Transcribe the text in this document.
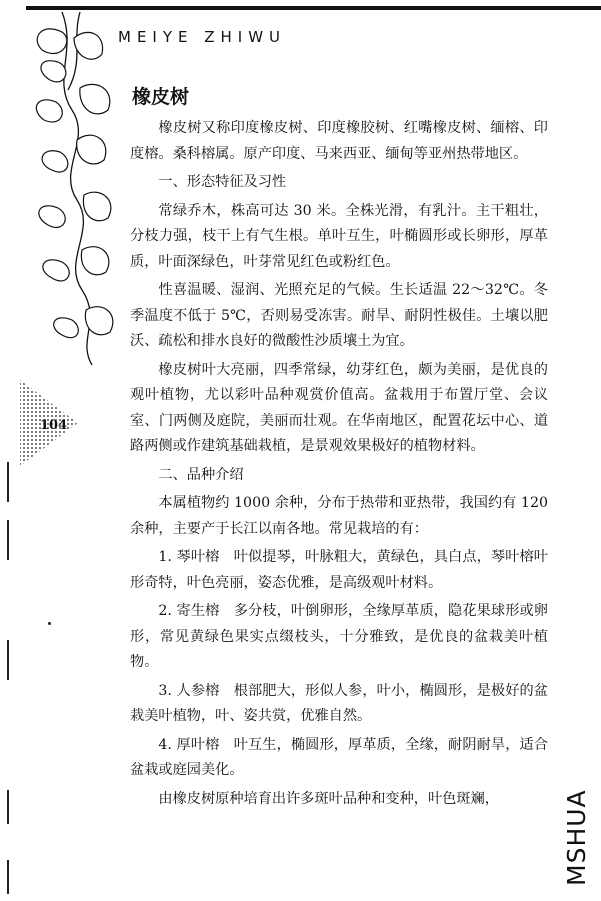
MEIYE ZHIWU
104
橡皮树

橡皮树又称印度橡皮树、印度橡胶树、红嘴橡皮树、缅榕、印度榕。桑科榕属。原产印度、马来西亚、缅甸等亚州热带地区。

一、形态特征及习性

常绿乔木，株高可达 30 米。全株光滑，有乳汁。主干粗壮，分枝力强，枝干上有气生根。单叶互生，叶椭圆形或长卵形，厚革质，叶面深绿色，叶芽常见红色或粉红色。

性喜温暖、湿润、光照充足的气候。生长适温 22～32℃。冬季温度不低于 5℃，否则易受冻害。耐旱、耐阴性极佳。土壤以肥沃、疏松和排水良好的微酸性沙质壤土为宜。

橡皮树叶大亮丽，四季常绿，幼芽红色，颇为美丽，是优良的观叶植物，尤以彩叶品种观赏价值高。盆栽用于布置厅堂、会议室、门两侧及庭院，美丽而壮观。在华南地区，配置花坛中心、道路两侧或作建筑基础栽植，是景观效果极好的植物材料。

二、品种介绍

本属植物约 1000 余种，分布于热带和亚热带，我国约有 120 余种，主要产于长江以南各地。常见栽培的有：

1. 琴叶榕　叶似提琴，叶脉粗大，黄绿色，具白点，琴叶榕叶形奇特，叶色亮丽，姿态优雅，是高级观叶材料。

2. 寄生榕　多分枝，叶倒卵形，全缘厚革质，隐花果球形或卵形，常见黄绿色果实点缀枝头，十分雅致，是优良的盆栽美叶植物。

3. 人参榕　根部肥大，形似人参，叶小，椭圆形，是极好的盆栽美叶植物，叶、姿共赏，优雅自然。

4. 厚叶榕　叶互生，椭圆形，厚革质，全缘，耐阴耐旱，适合盆栽或庭园美化。

由橡皮树原种培育出许多斑叶品种和变种，叶色斑斓，	MSHUA
